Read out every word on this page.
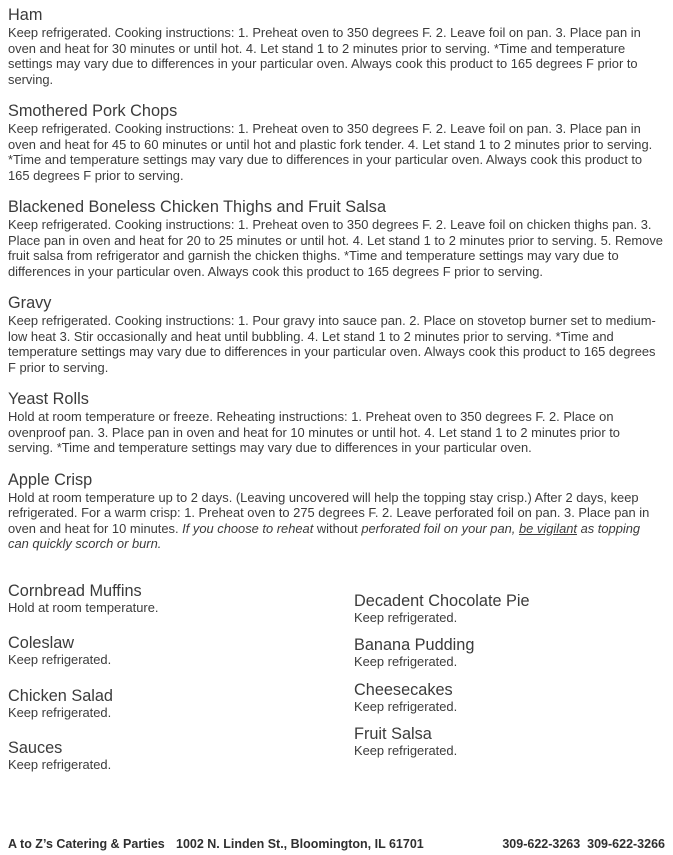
Ham

Keep refrigerated. Cooking instructions: 1. Preheat oven to 350 degrees F. 2. Leave foil on pan. 3. Place pan in oven and heat for 30 minutes or until hot. 4. Let stand 1 to 2 minutes prior to serving. *Time and temperature settings may vary due to differences in your particular oven. Always cook this product to 165 degrees F prior to serving.

Smothered Pork Chops

Keep refrigerated. Cooking instructions: 1. Preheat oven to 350 degrees F. 2. Leave foil on pan. 3. Place pan in oven and heat for 45 to 60 minutes or until hot and plastic fork tender. 4. Let stand 1 to 2 minutes prior to serving. *Time and temperature settings may vary due to differences in your particular oven. Always cook this product to 165 degrees F prior to serving.

Blackened Boneless Chicken Thighs and Fruit Salsa

Keep refrigerated. Cooking instructions: 1. Preheat oven to 350 degrees F. 2. Leave foil on chicken thighs pan. 3. Place pan in oven and heat for 20 to 25 minutes or until hot. 4. Let stand 1 to 2 minutes prior to serving. 5. Remove fruit salsa from refrigerator and garnish the chicken thighs. *Time and temperature settings may vary due to differences in your particular oven. Always cook this product to 165 degrees F prior to serving.

Gravy

Keep refrigerated. Cooking instructions: 1. Pour gravy into sauce pan. 2. Place on stovetop burner set to medium-low heat 3. Stir occasionally and heat until bubbling. 4. Let stand 1 to 2 minutes prior to serving. *Time and temperature settings may vary due to differences in your particular oven. Always cook this product to 165 degrees F prior to serving.

Yeast Rolls

Hold at room temperature or freeze. Reheating instructions: 1. Preheat oven to 350 degrees F. 2. Place on ovenproof pan. 3. Place pan in oven and heat for 10 minutes or until hot. 4. Let stand 1 to 2 minutes prior to serving. *Time and temperature settings may vary due to differences in your particular oven.

Apple Crisp

Hold at room temperature up to 2 days. (Leaving uncovered will help the topping stay crisp.) After 2 days, keep refrigerated. For a warm crisp: 1. Preheat oven to 275 degrees F. 2. Leave perforated foil on pan. 3. Place pan in oven and heat for 10 minutes. If you choose to reheat without perforated foil on your pan, be vigilant as topping can quickly scorch or burn.

Cornbread Muffins

Hold at room temperature.

Coleslaw

Keep refrigerated.

Chicken Salad

Keep refrigerated.

Sauces

Keep refrigerated.

Decadent Chocolate Pie

Keep refrigerated.

Banana Pudding

Keep refrigerated.

Cheesecakes

Keep refrigerated.

Fruit Salsa

Keep refrigerated.

A to Z’s Catering & Parties 1002 N. Linden St., Bloomington, IL 61701	309-622-3263  309-622-3266
